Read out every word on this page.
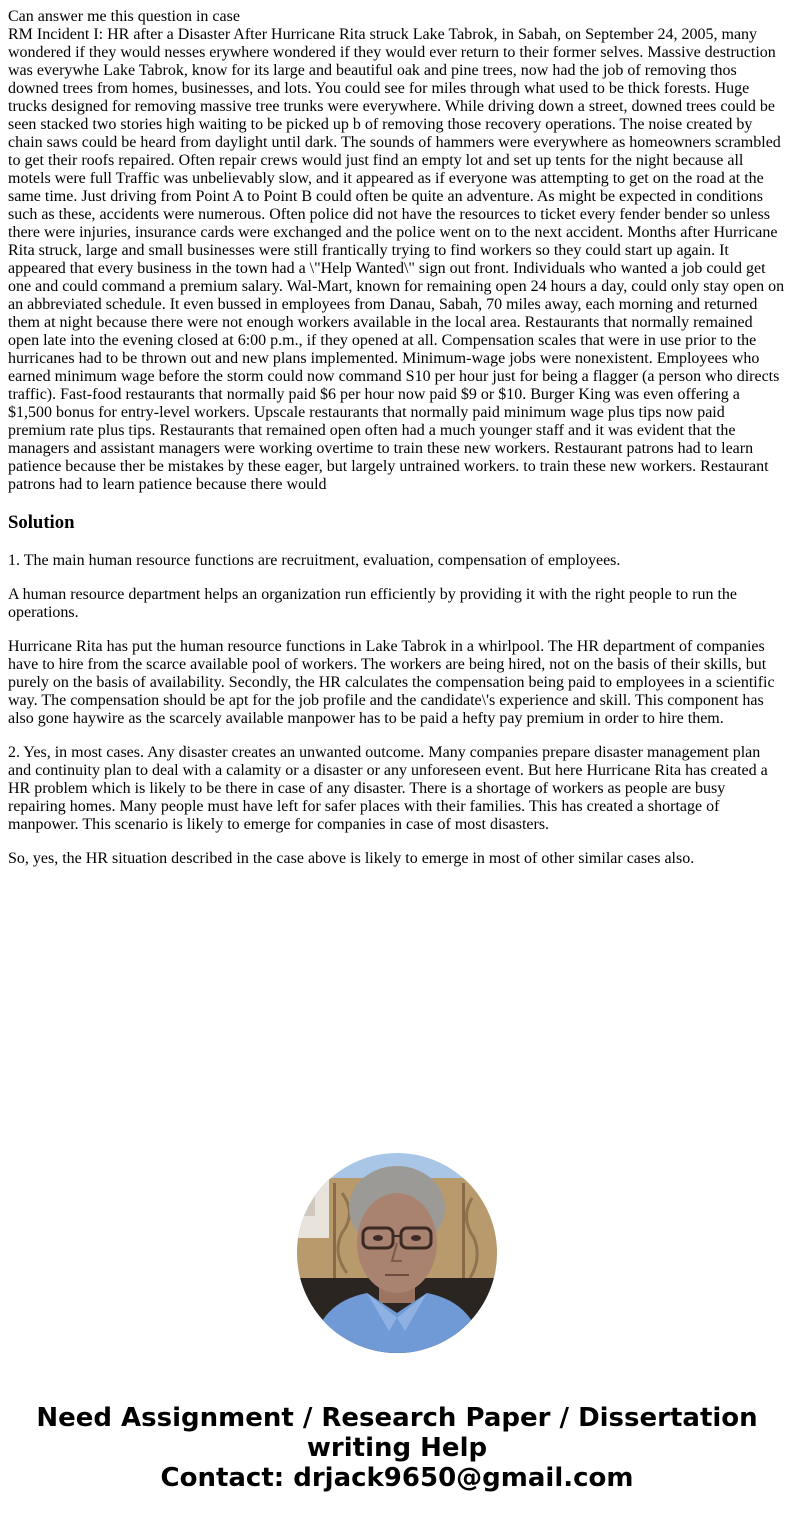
Can answer me this question in case
RM Incident I: HR after a Disaster After Hurricane Rita struck Lake Tabrok, in Sabah, on September 24, 2005, many wondered if they would nesses erywhere wondered if they would ever return to their former selves. Massive destruction was everywhe Lake Tabrok, know for its large and beautiful oak and pine trees, now had the job of removing thos downed trees from homes, businesses, and lots. You could see for miles through what used to be thick forests. Huge trucks designed for removing massive tree trunks were everywhere. While driving down a street, downed trees could be seen stacked two stories high waiting to be picked up b of removing those recovery operations. The noise created by chain saws could be heard from daylight until dark. The sounds of hammers were everywhere as homeowners scrambled to get their roofs repaired. Often repair crews would just find an empty lot and set up tents for the night because all motels were full Traffic was unbelievably slow, and it appeared as if everyone was attempting to get on the road at the same time. Just driving from Point A to Point B could often be quite an adventure. As might be expected in conditions such as these, accidents were numerous. Often police did not have the resources to ticket every fender bender so unless there were injuries, insurance cards were exchanged and the police went on to the next accident. Months after Hurricane Rita struck, large and small businesses were still frantically trying to find workers so they could start up again. It appeared that every business in the town had a \"Help Wanted\" sign out front. Individuals who wanted a job could get one and could command a premium salary. Wal-Mart, known for remaining open 24 hours a day, could only stay open on an abbreviated schedule. It even bussed in employees from Danau, Sabah, 70 miles away, each morning and returned them at night because there were not enough workers available in the local area. Restaurants that normally remained open late into the evening closed at 6:00 p.m., if they opened at all. Compensation scales that were in use prior to the hurricanes had to be thrown out and new plans implemented. Minimum-wage jobs were nonexistent. Employees who earned minimum wage before the storm could now command S10 per hour just for being a flagger (a person who directs traffic). Fast-food restaurants that normally paid $6 per hour now paid $9 or $10. Burger King was even offering a $1,500 bonus for entry-level workers. Upscale restaurants that normally paid minimum wage plus tips now paid premium rate plus tips. Restaurants that remained open often had a much younger staff and it was evident that the managers and assistant managers were working overtime to train these new workers. Restaurant patrons had to learn patience because ther be mistakes by these eager, but largely untrained workers. to train these new workers. Restaurant patrons had to learn patience because there would
Solution

1. The main human resource functions are recruitment, evaluation, compensation of employees.

A human resource department helps an organization run efficiently by providing it with the right people to run the operations.

Hurricane Rita has put the human resource functions in Lake Tabrok in a whirlpool. The HR department of companies have to hire from the scarce available pool of workers. The workers are being hired, not on the basis of their skills, but purely on the basis of availability. Secondly, the HR calculates the compensation being paid to employees in a scientific way. The compensation should be apt for the job profile and the candidate\'s experience and skill. This component has also gone haywire as the scarcely available manpower has to be paid a hefty pay premium in order to hire them.

2. Yes, in most cases. Any disaster creates an unwanted outcome. Many companies prepare disaster management plan and continuity plan to deal with a calamity or a disaster or any unforeseen event. But here Hurricane Rita has created a HR problem which is likely to be there in case of any disaster. There is a shortage of workers as people are busy repairing homes. Many people must have left for safer places with their families. This has created a shortage of manpower. This scenario is likely to emerge for companies in case of most disasters.

So, yes, the HR situation described in the case above is likely to emerge in most of other similar cases also.

Need Assignment / Research Paper / Dissertation
writing Help
Contact: drjack9650@gmail.com
